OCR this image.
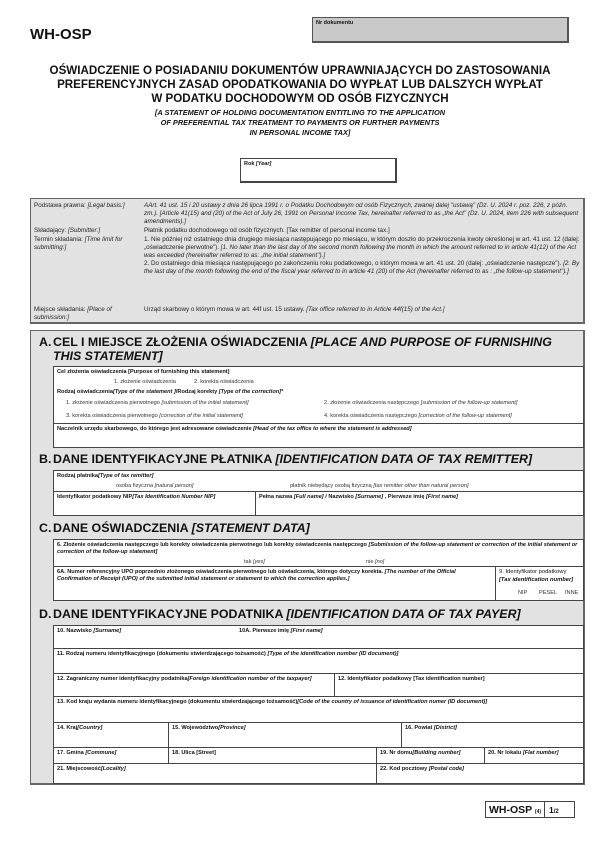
WH-OSP
Nr dokumentu
OŚWIADCZENIE O POSIADANIU DOKUMENTÓW UPRAWNIAJĄCYCH DO ZASTOSOWANIA
PREFERENCYJNYCH ZASAD OPODATKOWANIA DO WYPŁAT LUB DALSZYCH WYPŁAT
W PODATKU DOCHODOWYM OD OSÓB FIZYCZNYCH
[A STATEMENT OF HOLDING DOCUMENTATION ENTITLING TO THE APPLICATION
OF PREFERENTIAL TAX TREATMENT TO PAYMENTS OR FURTHER PAYMENTS
IN PERSONAL INCOME TAX]
Rok [Year]
Podstawa prawna: [Legal basis:]	AArt. 41 ust. 15 i 20 ustawy z dnia 26 lipca 1991 r. o Podatku Dochodowym od osób Fizycznych, zwanej dalej "ustawą" (Dz. U. 2024 r. poz. 226, z późn. zm.). [Article 41(15) and (20) of the Act of July 26, 1991 on Personal Income Tax, hereinafter referred to as „the Act" (Dz. U. 2024, item 226 with subsequent amendments).]
Składający: [Submitter:]	Płatnik podatku dochodowego od osób fizycznych. [Tax remitter of personal income tax.]
Termin składania: [Time limit for submitting:]
1. Nie później niż ostatniego dnia drugiego miesiąca następującego po miesiącu, w którym doszło do przekroczenia kwoty określonej w art. 41 ust. 12 (dalej: „oświadczenie pierwotne"). [1. No later than the last day of the second month following the month in which the amount referred to in article 41(12) of the Act was exceeded (hereinafter referred to as: „the initial statement").]
2. Do ostatniego dnia miesiąca następującego po zakończeniu roku podatkowego, o którym mowa w art. 41 ust. 20 (dalej: „oświadczenie następcze"). [2. By the last day of the month following the end of the fiscal year referred to in article 41 (20) of the Act (hereinafter referred to as : „the follow-up statement").]
Miejsce składania: [Place of submission:]
Urząd skarbowy o którym mowa w art. 44f ust. 15 ustawy. [Tax office referred to in Article 44f(15) of the Act.]
A. CEL I MIEJSCE ZŁOŻENIA OŚWIADCZENIA [PLACE AND PURPOSE OF FURNISHING THIS STATEMENT]
Cel złożenia oświadczenia [Purpose of furnishing this statement]
1. złożenie oświadczenia	2. korekta oświadczenia
Rodzaj oświadczenia[Type of the statement ]/Rodzaj korekty [Type of the correction]*
1. złożenie oświadczenia pierwotnego [submission of the initial statement]	2. złożenie oświadczenia następczego [submission of the follow-up statement]
3. korekta oświadczenia pierwotnego [correction of the initial statement]	4. korekta oświadczenia następczego [correction of the follow-up statement]
Naczelnik urzędu skarbowego, do którego jest adresowane oświadczenie [Head of the tax office to where the statement is addressed]
B. DANE IDENTYFIKACYJNE PŁATNIKA [IDENTIFICATION DATA OF TAX REMITTER]
Rodzaj płatnika[Type of tax remitter]
osoba fizyczna [natural person]	płatnik niebędący osobą fizyczną [tax remitter other than natural person]
Identyfikator podatkowy NIP[Tax Identification Number NIP]	Pełna nazwa [Full name] / Nazwisko [Surname] , Pierwsze imię [First name]
C. DANE OŚWIADCZENIA [STATEMENT DATA]
6. Złożenie oświadczenia następczego lub korekty oświadczenia pierwotnego lub korekty oświadczenia następczego [Submission of the follow-up statement or correction of the initial statement or correction of the follow-up statement]
tak [yes]	nie [no]
6A. Numer referencyjny UPO poprzednio złożonego oświadczenia pierwotnego lub oświadczenia, którego dotyczy korekta. [The number of the Official Confirmation of Receipt (UPO) of the submitted initial statement or statement to which the correction applies.]
9. Identyfikator podatkowy
[Tax identification number]
NIP PESEL INNE
D. DANE IDENTYFIKACYJNE PODATNIKA [IDENTIFICATION DATA OF TAX PAYER]
10. Nazwisko [Surname]	10A. Pierwsze imię [First name]
11. Rodzaj numeru identyfikacyjnego (dokumentu stwierdzającego tożsamość) [Type of the identification number (ID document)]
12. Zagraniczny numer identyfikacyjny podatnika[Foreign identification number of the taxpayer]	12. Identyfikator podatkowy [Tax identification number]
13. Kod kraju wydania numeru identyfikacyjnego (dokumentu stwierdzającego tożsamość)[Code of the country of issuance of identification numer (ID document)]
14. Kraj[Country]	15. Województwo[Province]	16. Powiat [District]
17. Gmina [Commune]	18. Ulica [Street]	19. Nr domu[Building number]	20. Nr lokalu [Flat number]
21. Miejscowość[Locality]	22. Kod pocztowy [Postal code]
WH-OSP (4) 1/2
